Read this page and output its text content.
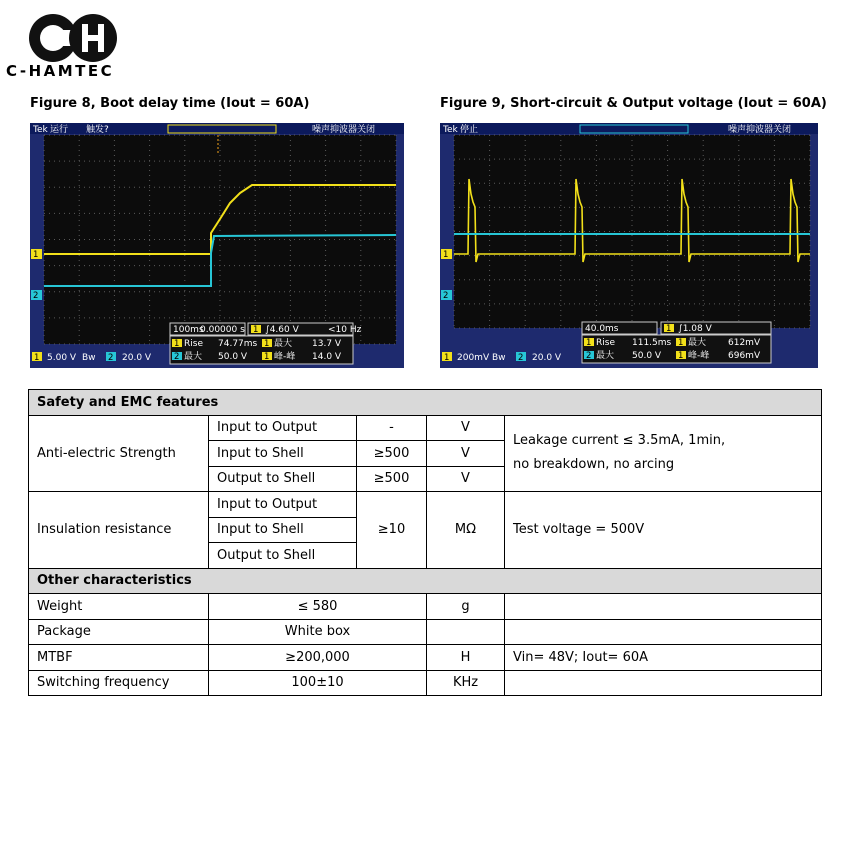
C-HAMTEC
Figure 8, Boot delay time (Iout = 60A)	Figure 9, Short-circuit & Output voltage (Iout = 60A)
Tek 运行 触发?	噪声抑波器关闭
1
2
100ms
0.00000 s 1 ∫4.60 V	<10 Hz
1 Rise 74.77ms
2 最大 50.0 V
1 最大 13.7 V
1 峰-峰 14.0 V
1 5.00 V Bw 2 20.0 V
Tek 停止	噪声抑波器关闭
1
2
40.0ms	1 ∫1.08 V
1 Rise 111.5ms
2 最大 50.0 V
1 最大 612mV
1 峰-峰 696mV
1 200mV Bw 2 20.0 V
Safety and EMC features				
Anti-electric Strength	Input to Output	-	V	Leakage current ≤ 3.5mA, 1min,
no breakdown, no arcing

	Input to Shell	≥500	V	
	Output to Shell	≥500	V	
Insulation resistance	Input to Output	≥10	MΩ	Test voltage = 500V
	Input to Shell			
	Output to Shell			
Other characteristics				
Weight	≤ 580		g	
Package	White box			
MTBF	≥200,000		H	Vin= 48V; Iout= 60A
Switching frequency	100±10		KHz	
